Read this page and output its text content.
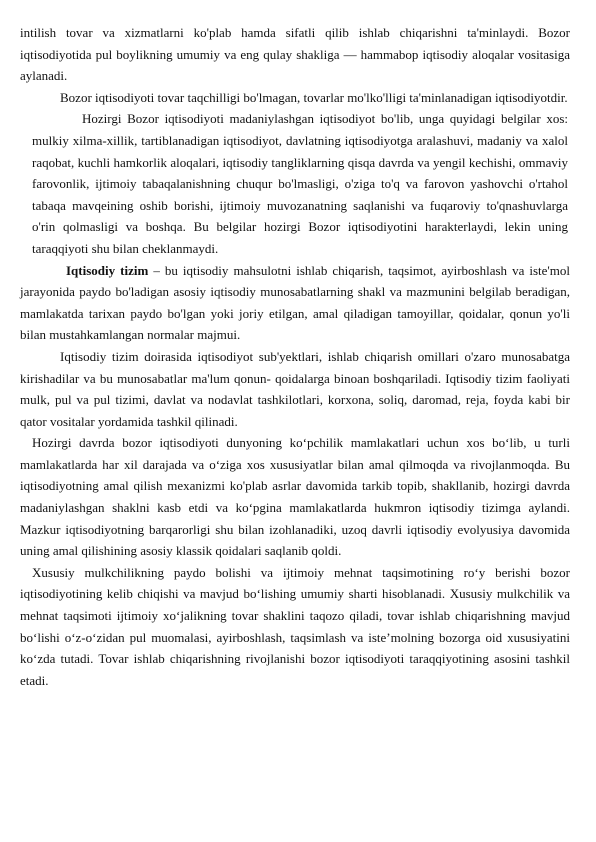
intilish tovar va xizmatlarni ko'plab hamda sifatli qilib ishlab chiqarishni ta'minlaydi. Bozor iqtisodiyotida pul boylikning umumiy va eng qulay shakliga — hammabop iqtisodiy aloqalar vositasiga aylanadi.

Bozor iqtisodiyoti tovar taqchilligi bo'lmagan, tovarlar mo'lko'lligi ta'minlanadigan iqtisodiyotdir.

Hozirgi Bozor iqtisodiyoti madaniylashgan iqtisodiyot bo'lib, unga quyidagi belgilar xos: mulkiy xilma-xillik, tartiblanadigan iqtisodiyot, davlatning iqtisodiyotga aralashuvi, madaniy va xalol raqobat, kuchli hamkorlik aloqalari, iqtisodiy tangliklarning qisqa davrda va yengil kechishi, ommaviy farovonlik, ijtimoiy tabaqalanishning chuqur bo'lmasligi, o'ziga to'q va farovon yashovchi o'rtahol tabaqa mavqeining oshib borishi, ijtimoiy muvozanatning saqlanishi va fuqaroviy to'qnashuvlarga o'rin qolmasligi va boshqa. Bu belgilar hozirgi Bozor iqtisodiyotini harakterlaydi, lekin uning taraqqiyoti shu bilan cheklanmaydi.

Iqtisodiy tizim – bu iqtisodiy mahsulotni ishlab chiqarish, taqsimot, ayirboshlash va iste'mol jarayonida paydo bo'ladigan asosiy iqtisodiy munosabatlarning shakl va mazmunini belgilab beradigan, mamlakatda tarixan paydo bo'lgan yoki joriy etilgan, amal qiladigan tamoyillar, qoidalar, qonun yo'li bilan mustahkamlangan normalar majmui.

Iqtisodiy tizim doirasida iqtisodiyot sub'yektlari, ishlab chiqarish omillari o'zaro munosabatga kirishadilar va bu munosabatlar ma'lum qonun- qoidalarga binoan boshqariladi. Iqtisodiy tizim faoliyati mulk, pul va pul tizimi, davlat va nodavlat tashkilotlari, korxona, soliq, daromad, reja, foyda kabi bir qator vositalar yordamida tashkil qilinadi.

Hozirgi davrda bozor iqtisodiyoti dunyoning ko‘pchilik mamlakatlari uchun xos bo‘lib, u turli mamlakatlarda har xil darajada va o‘ziga xos xususiyatlar bilan amal qilmoqda va rivojlanmoqda. Bu iqtisodiyotning amal qilish mexanizmi ko'plab asrlar davomida tarkib topib, shakllanib, hozirgi davrda madaniylashgan shaklni kasb etdi va ko‘pgina mamlakatlarda hukmron iqtisodiy tizimga aylandi. Mazkur iqtisodiyotning barqarorligi shu bilan izohlanadiki, uzoq davrli iqtisodiy evolyusiya davomida uning amal qilishining asosiy klassik qoidalari saqlanib qoldi.

Xususiy mulkchilikning paydo bolishi va ijtimoiy mehnat taqsimotining ro‘y berishi bozor iqtisodiyotining kelib chiqishi va mavjud bo‘lishing umumiy sharti hisoblanadi. Xususiy mulkchilik va mehnat taqsimoti ijtimoiy xo‘jalikning tovar shaklini taqozo qiladi, tovar ishlab chiqarishning mavjud bo‘lishi o‘z-o‘zidan pul muomalasi, ayirboshlash, taqsimlash va iste’molning bozorga oid xususiyatini ko‘zda tutadi. Tovar ishlab chiqarishning rivojlanishi bozor iqtisodiyoti taraqqiyotining asosini tashkil etadi.
